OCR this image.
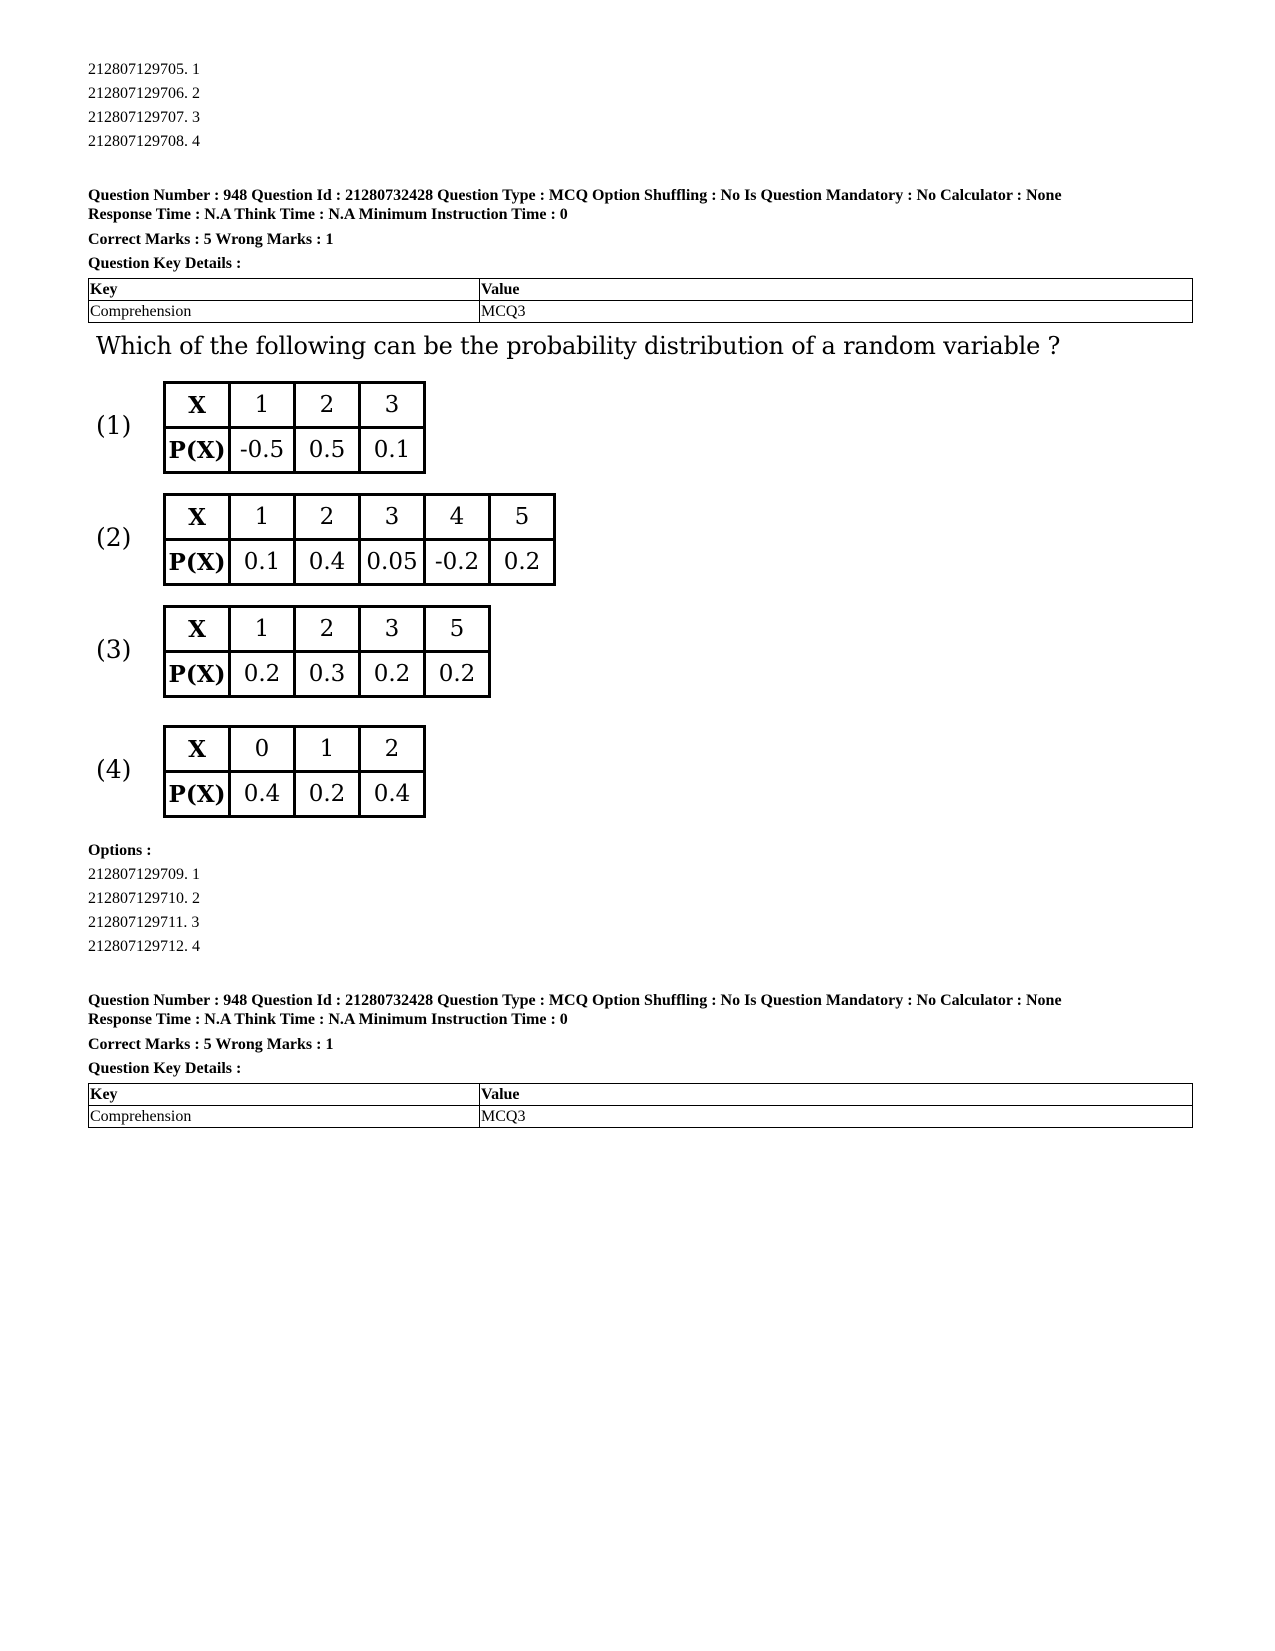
212807129705. 1
212807129706. 2
212807129707. 3
212807129708. 4
Question Number : 948 Question Id : 21280732428 Question Type : MCQ Option Shuffling : No Is Question Mandatory : No Calculator : None
Response Time : N.A Think Time : N.A Minimum Instruction Time : 0
Correct Marks : 5 Wrong Marks : 1
Question Key Details :
Key	Value
Comprehension	MCQ3
Which of the following can be the probability distribution of a random variable ?
(1)
X	1	2	3
P(X)	-0.5	0.5	0.1
(2)
X	1	2	3	4	5
P(X)	0.1	0.4	0.05	-0.2	0.2
(3)
X	1	2	3	5
P(X)	0.2	0.3	0.2	0.2
(4)
X	0	1	2
P(X)	0.4	0.2	0.4
Options :
212807129709. 1
212807129710. 2
212807129711. 3
212807129712. 4
Question Number : 948 Question Id : 21280732428 Question Type : MCQ Option Shuffling : No Is Question Mandatory : No Calculator : None
Response Time : N.A Think Time : N.A Minimum Instruction Time : 0
Correct Marks : 5 Wrong Marks : 1
Question Key Details :
Key	Value
Comprehension	MCQ3
